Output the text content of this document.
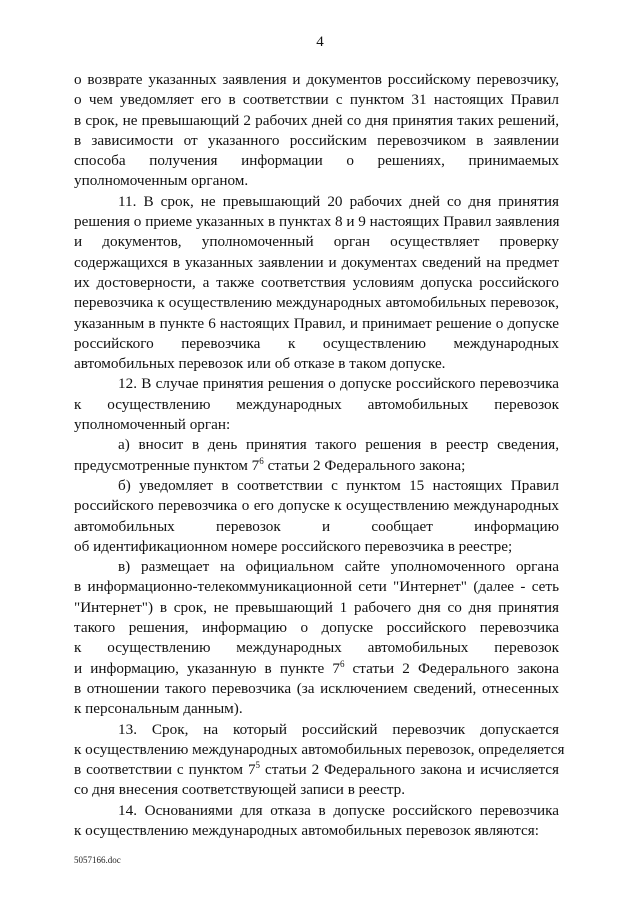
4

о возврате указанных заявления и документов российскому перевозчику,
о чем уведомляет его в соответствии с пунктом 31 настоящих Правил
в срок, не превышающий 2 рабочих дней со дня принятия таких решений,
в зависимости от указанного российским перевозчиком в заявлении
способа получения информации о решениях, принимаемых
уполномоченным органом.

11. В срок, не превышающий 20 рабочих дней со дня принятия
решения о приеме указанных в пунктах 8 и 9 настоящих Правил заявления
и документов, уполномоченный орган осуществляет проверку
содержащихся в указанных заявлении и документах сведений на предмет
их достоверности, а также соответствия условиям допуска российского
перевозчика к осуществлению международных автомобильных перевозок,
указанным в пункте 6 настоящих Правил, и принимает решение о допуске
российского перевозчика к осуществлению международных
автомобильных перевозок или об отказе в таком допуске.

12. В случае принятия решения о допуске российского перевозчика
к осуществлению международных автомобильных перевозок
уполномоченный орган:

а) вносит в день принятия такого решения в реестр сведения,
предусмотренные пунктом $7^6$ статьи 2 Федерального закона;

б) уведомляет в соответствии с пунктом 15 настоящих Правил
российского перевозчика о его допуске к осуществлению международных
автомобильных перевозок и сообщает информацию
об идентификационном номере российского перевозчика в реестре;

в) размещает на официальном сайте уполномоченного органа
в информационно-телекоммуникационной сети "Интернет" (далее - сеть
"Интернет") в срок, не превышающий 1 рабочего дня со дня принятия
такого решения, информацию о допуске российского перевозчика
к осуществлению международных автомобильных перевозок
и информацию, указанную в пункте $7^6$ статьи 2 Федерального закона
в отношении такого перевозчика (за исключением сведений, отнесенных
к персональным данным).

13. Срок, на который российский перевозчик допускается
к осуществлению международных автомобильных перевозок, определяется
в соответствии с пунктом $7^5$ статьи 2 Федерального закона и исчисляется
со дня внесения соответствующей записи в реестр.

14. Основаниями для отказа в допуске российского перевозчика
к осуществлению международных автомобильных перевозок являются:

5057166.doc
